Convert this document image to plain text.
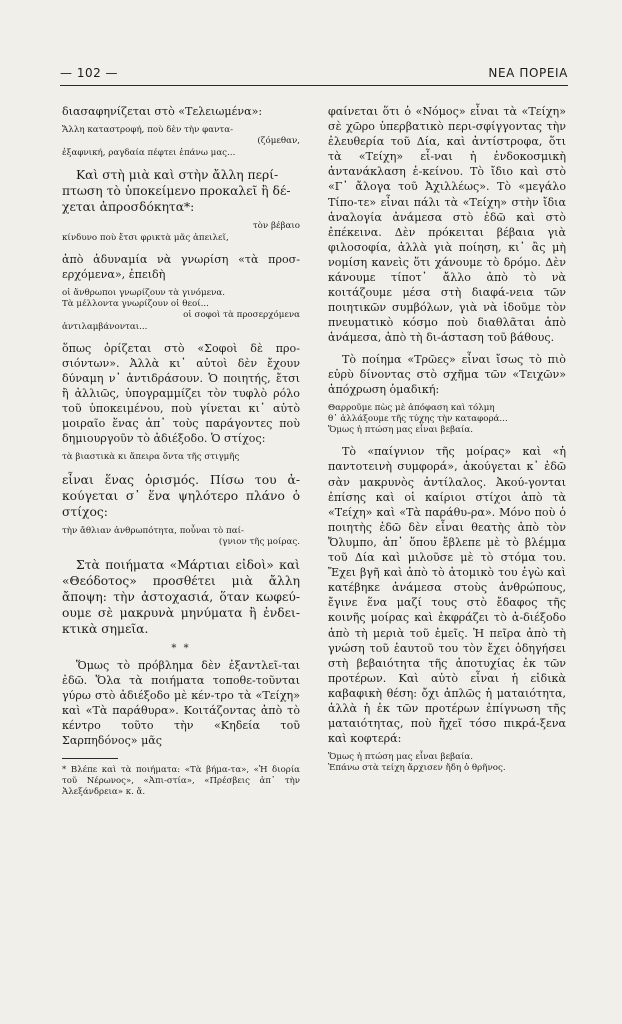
— 102 —	ΝΕΑ ΠΟΡΕΙΑ

διασαφηνίζεται στὸ «Τελειωμένα»:

Ἄλλη καταστροφή, ποὺ δὲν τὴν φαντα-
(ζόμεθαν,
ἐξαφνική, ραγδαία πέφτει ἐπάνω μας...
Καὶ στὴ μιὰ καὶ στὴν ἄλλη περί-
πτωση τὸ ὑποκείμενο προκαλεῖ ἢ δέ-
χεται ἀπροσδόκητα*:
τὸν βέβαιο
κίνδυνο ποὺ ἔτσι φρικτὰ μᾶς ἀπειλεῖ,

ἀπὸ ἀδυναμία νὰ γνωρίση «τὰ προσ-ερχόμενα», ἐπειδὴ

οἱ ἄνθρωποι γνωρίζουν τὰ γινόμενα.
Τὰ μέλλοντα γνωρίζουν οἱ θεοί...
οἱ σοφοὶ τὰ προσερχόμενα
ἀντιλαμβάνονται...

ὅπως ὁρίζεται στὸ «Σοφοὶ δὲ προ-σιόντων». Ἀλλὰ κι᾽ αὐτοὶ δὲν ἔχουν δύναμη ν᾽ ἀντιδράσουν. Ὁ ποιητής, ἔτσι ἢ ἀλλιῶς, ὑπογραμμίζει τὸν τυφλὸ ρόλο τοῦ ὑποκειμένου, ποὺ γίνεται κι᾽ αὐτὸ μοιραῖο ἕνας ἀπ᾽ τοὺς παράγοντες ποὺ δημιουργοῦν τὸ ἀδιέξοδο. Ὁ στίχος:

τὰ βιαστικὰ κι ἄπειρα ὄντα τῆς στιγμῆς

εἶναι ἕνας ὁρισμός. Πίσω του ἀ-κούγεται σ᾽ ἕνα ψηλότερο πλάνο ὁ στίχος:

τὴν ἄθλιαν ἀνθρωπότητα, ποὖναι τὸ παί-
(γνιον τῆς μοίρας.

Στὰ ποιήματα «Μάρτιαι εἰδοὶ» καὶ «Θεόδοτος» προσθέτει μιὰ ἄλλη ἄποψη: τὴν ἀστοχασιά, ὅταν κωφεύ-ουμε σὲ μακρυνὰ μηνύματα ἢ ἐνδει-κτικὰ σημεῖα.

* *

Ὅμως τὸ πρόβλημα δὲν ἐξαντλεῖ-ται ἐδῶ. Ὅλα τὰ ποιήματα τοποθε-τοῦνται γύρω στὸ ἀδιέξοδο μὲ κέν-τρο τὰ «Τείχη» καὶ «Τὰ παράθυρα». Κοιτάζοντας ἀπὸ τὸ κέντρο τοῦτο τὴν «Κηδεία τοῦ Σαρπηδόνος» μᾶς

* Βλέπε καὶ τὰ ποιήματα: «Τὰ βήμα-τα», «Ἡ διορία τοῦ Νέρωνος», «Ἀπι-στία», «Πρέσβεις ἀπ᾽ τὴν Ἀλεξάνδρεια» κ. ἄ.

φαίνεται ὅτι ὁ «Νόμος» εἶναι τὰ «Τείχη» σὲ χῶρο ὑπερβατικὸ περι-σφίγγοντας τὴν ἐλευθερία τοῦ Δία, καὶ ἀντίστροφα, ὅτι τὰ «Τείχη» εἶ-ναι ἡ ἐνδοκοσμικὴ ἀντανάκλαση ἐ-κείνου. Τὸ ἴδιο καὶ στὸ «Γ᾽ ἄλογα τοῦ Ἀχιλλέως». Τὸ «μεγάλο Τίπο-τε» εἶναι πάλι τὰ «Τείχη» στὴν ἴδια ἀναλογία ἀνάμεσα στὸ ἐδῶ καὶ στὸ ἐπέκεινα. Δὲν πρόκειται βέβαια γιὰ φιλοσοφία, ἀλλὰ γιὰ ποίηση, κι᾽ ἂς μὴ νομίση κανεὶς ὅτι χάνουμε τὸ δρόμο. Δὲν κάνουμε τίποτ᾽ ἄλλο ἀπὸ τὸ νὰ κοιτάζουμε μέσα στὴ διαφά-νεια τῶν ποιητικῶν συμβόλων, γιὰ νὰ ἰδοῦμε τὸν πνευματικὸ κόσμο ποὺ διαθλᾶται ἀπὸ ἀνάμεσα, ἀπὸ τὴ δι-άσταση τοῦ βάθους.

Τὸ ποίημα «Τρῶες» εἶναι ἴσως τὸ πιὸ εὐρὺ δίνοντας στὸ σχῆμα τῶν «Τειχῶν» ἀπόχρωση ὁμαδική:

Θαρροῦμε πὼς μὲ ἀπόφαση καὶ τόλμη
θ᾽ ἀλλάξουμε τῆς τύχης τὴν καταφορά...
Ὅμως ἡ πτώση μας εἶναι βεβαία.

Τὸ «παίγνιον τῆς μοίρας» καὶ «ἡ παντοτεινὴ συμφορά», ἀκούγεται κ᾽ ἐδῶ σὰν μακρυνὸς ἀντίλαλος. Ἀκού-γονται ἐπίσης καὶ οἱ καίριοι στίχοι ἀπὸ τὰ «Τείχη» καὶ «Τὰ παράθυ-ρα». Μόνο ποὺ ὁ ποιητὴς ἐδῶ δὲν εἶναι θεατὴς ἀπὸ τὸν Ὄλυμπο, ἀπ᾽ ὅπου ἔβλεπε μὲ τὸ βλέμμα τοῦ Δία καὶ μιλοῦσε μὲ τὸ στόμα του. Ἔχει βγῆ καὶ ἀπὸ τὸ ἀτομικὸ του ἐγὼ καὶ κατέβηκε ἀνάμεσα στοὺς ἀνθρώπους, ἔγινε ἕνα μαζί τους στὸ ἔδαφος τῆς κοινῆς μοίρας καὶ ἐκφράζει τὸ ἀ-διέξοδο ἀπὸ τὴ μεριὰ τοῦ ἐμεῖς. Ἡ πεῖρα ἀπὸ τὴ γνώση τοῦ ἑαυτοῦ του τὸν ἔχει ὁδηγήσει στὴ βεβαιότητα τῆς ἀποτυχίας ἐκ τῶν προτέρων. Καὶ αὐτὸ εἶναι ἡ εἰδικὰ καβαφικὴ θέση: ὄχι ἁπλῶς ἡ ματαιότητα, ἀλλὰ ἡ ἐκ τῶν προτέρων ἐπίγνωση τῆς ματαιότητας, ποὺ ἤχεῖ τόσο πικρά-ξενα καὶ κοφτερά:

Ὅμως ἡ πτώση μας εἶναι βεβαία.
Ἐπάνω στὰ τείχη ἄρχισεν ἤδη ὁ θρῆνος.
